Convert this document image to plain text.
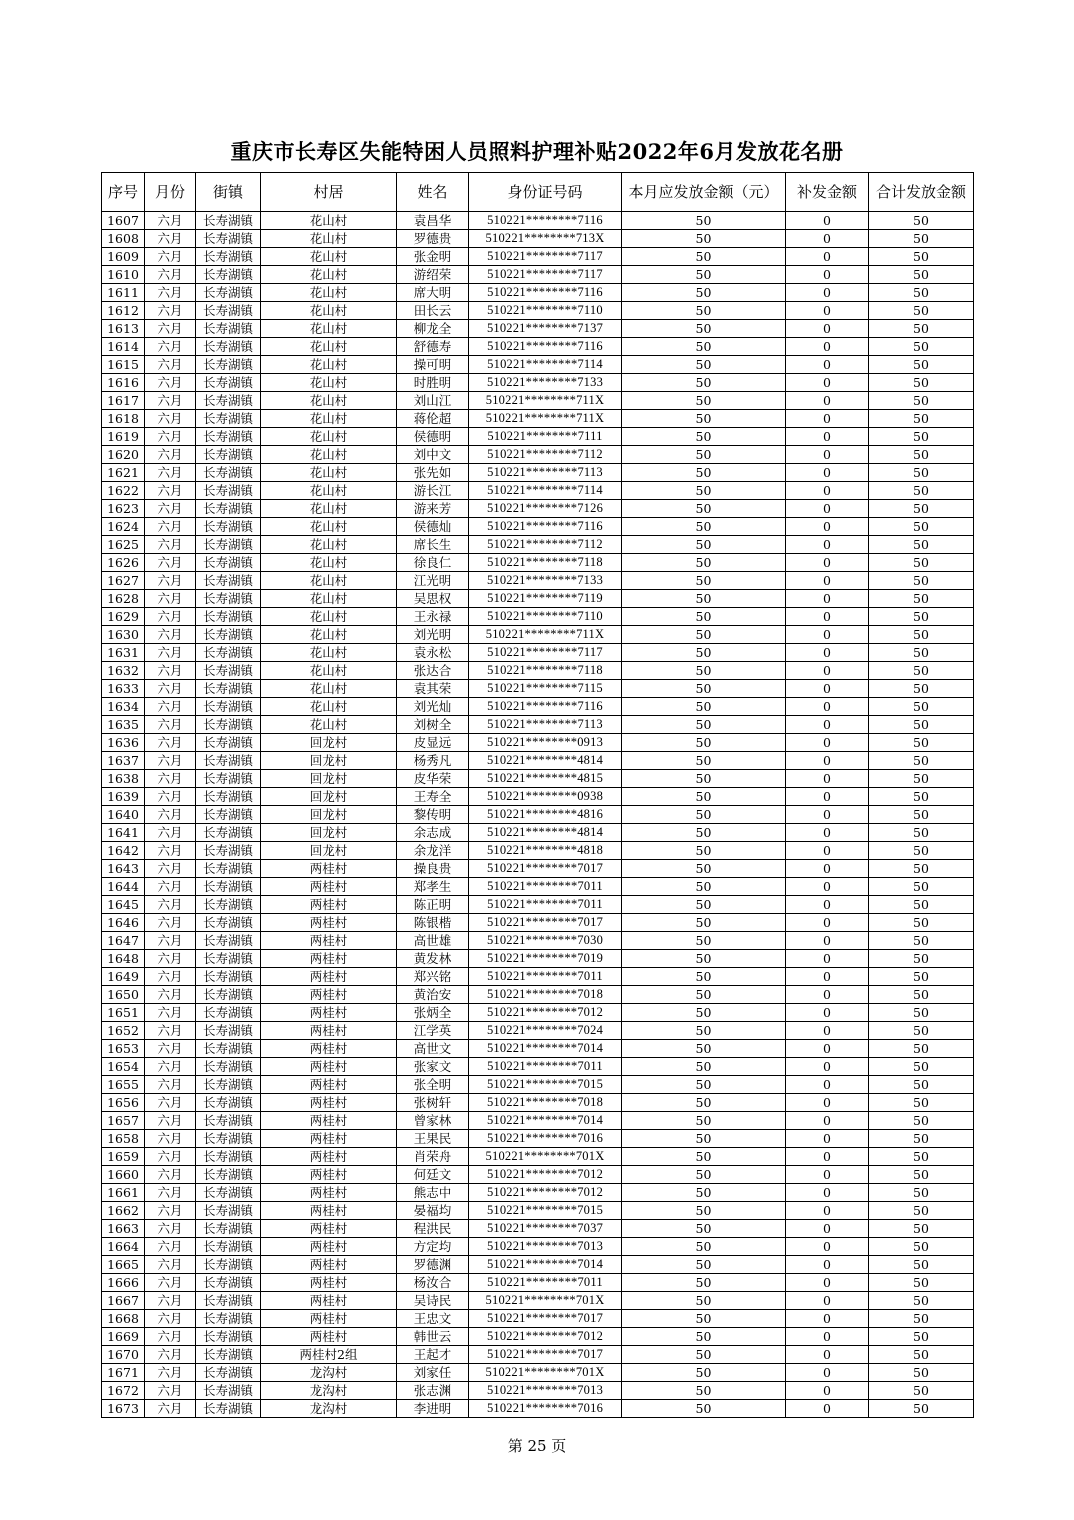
重庆市长寿区失能特困人员照料护理补贴2022年6月发放花名册
序号	月份	街镇	村居	姓名	身份证号码	本月应发放金额（元）	补发金额	合计发放金额
1607	六月	长寿湖镇	花山村	袁昌华	510221********7116	50	0	50
1608	六月	长寿湖镇	花山村	罗德贵	510221********713X	50	0	50
1609	六月	长寿湖镇	花山村	张金明	510221********7117	50	0	50
1610	六月	长寿湖镇	花山村	游绍荣	510221********7117	50	0	50
1611	六月	长寿湖镇	花山村	席大明	510221********7116	50	0	50
1612	六月	长寿湖镇	花山村	田长云	510221********7110	50	0	50
1613	六月	长寿湖镇	花山村	柳龙全	510221********7137	50	0	50
1614	六月	长寿湖镇	花山村	舒德寿	510221********7116	50	0	50
1615	六月	长寿湖镇	花山村	操可明	510221********7114	50	0	50
1616	六月	长寿湖镇	花山村	时胜明	510221********7133	50	0	50
1617	六月	长寿湖镇	花山村	刘山江	510221********711X	50	0	50
1618	六月	长寿湖镇	花山村	蒋伦超	510221********711X	50	0	50
1619	六月	长寿湖镇	花山村	侯德明	510221********7111	50	0	50
1620	六月	长寿湖镇	花山村	刘中文	510221********7112	50	0	50
1621	六月	长寿湖镇	花山村	张先如	510221********7113	50	0	50
1622	六月	长寿湖镇	花山村	游长江	510221********7114	50	0	50
1623	六月	长寿湖镇	花山村	游来芳	510221********7126	50	0	50
1624	六月	长寿湖镇	花山村	侯德灿	510221********7116	50	0	50
1625	六月	长寿湖镇	花山村	席长生	510221********7112	50	0	50
1626	六月	长寿湖镇	花山村	徐良仁	510221********7118	50	0	50
1627	六月	长寿湖镇	花山村	江光明	510221********7133	50	0	50
1628	六月	长寿湖镇	花山村	吴思权	510221********7119	50	0	50
1629	六月	长寿湖镇	花山村	王永禄	510221********7110	50	0	50
1630	六月	长寿湖镇	花山村	刘光明	510221********711X	50	0	50
1631	六月	长寿湖镇	花山村	袁永松	510221********7117	50	0	50
1632	六月	长寿湖镇	花山村	张达合	510221********7118	50	0	50
1633	六月	长寿湖镇	花山村	袁其荣	510221********7115	50	0	50
1634	六月	长寿湖镇	花山村	刘光灿	510221********7116	50	0	50
1635	六月	长寿湖镇	花山村	刘树全	510221********7113	50	0	50
1636	六月	长寿湖镇	回龙村	皮显远	510221********0913	50	0	50
1637	六月	长寿湖镇	回龙村	杨秀凡	510221********4814	50	0	50
1638	六月	长寿湖镇	回龙村	皮华荣	510221********4815	50	0	50
1639	六月	长寿湖镇	回龙村	王寿全	510221********0938	50	0	50
1640	六月	长寿湖镇	回龙村	黎传明	510221********4816	50	0	50
1641	六月	长寿湖镇	回龙村	余志成	510221********4814	50	0	50
1642	六月	长寿湖镇	回龙村	余龙洋	510221********4818	50	0	50
1643	六月	长寿湖镇	两桂村	操良贵	510221********7017	50	0	50
1644	六月	长寿湖镇	两桂村	郑孝生	510221********7011	50	0	50
1645	六月	长寿湖镇	两桂村	陈正明	510221********7011	50	0	50
1646	六月	长寿湖镇	两桂村	陈银楷	510221********7017	50	0	50
1647	六月	长寿湖镇	两桂村	高世雄	510221********7030	50	0	50
1648	六月	长寿湖镇	两桂村	黄发林	510221********7019	50	0	50
1649	六月	长寿湖镇	两桂村	郑兴铭	510221********7011	50	0	50
1650	六月	长寿湖镇	两桂村	黄治安	510221********7018	50	0	50
1651	六月	长寿湖镇	两桂村	张炳全	510221********7012	50	0	50
1652	六月	长寿湖镇	两桂村	江学英	510221********7024	50	0	50
1653	六月	长寿湖镇	两桂村	高世文	510221********7014	50	0	50
1654	六月	长寿湖镇	两桂村	张家文	510221********7011	50	0	50
1655	六月	长寿湖镇	两桂村	张全明	510221********7015	50	0	50
1656	六月	长寿湖镇	两桂村	张树轩	510221********7018	50	0	50
1657	六月	长寿湖镇	两桂村	曾家林	510221********7014	50	0	50
1658	六月	长寿湖镇	两桂村	王果民	510221********7016	50	0	50
1659	六月	长寿湖镇	两桂村	肖荣舟	510221********701X	50	0	50
1660	六月	长寿湖镇	两桂村	何廷文	510221********7012	50	0	50
1661	六月	长寿湖镇	两桂村	熊志中	510221********7012	50	0	50
1662	六月	长寿湖镇	两桂村	晏福均	510221********7015	50	0	50
1663	六月	长寿湖镇	两桂村	程洪民	510221********7037	50	0	50
1664	六月	长寿湖镇	两桂村	方定均	510221********7013	50	0	50
1665	六月	长寿湖镇	两桂村	罗德渊	510221********7014	50	0	50
1666	六月	长寿湖镇	两桂村	杨汝合	510221********7011	50	0	50
1667	六月	长寿湖镇	两桂村	吴诗民	510221********701X	50	0	50
1668	六月	长寿湖镇	两桂村	王忠文	510221********7017	50	0	50
1669	六月	长寿湖镇	两桂村	韩世云	510221********7012	50	0	50
1670	六月	长寿湖镇	两桂村2组	王起才	510221********7017	50	0	50
1671	六月	长寿湖镇	龙沟村	刘家任	510221********701X	50	0	50
1672	六月	长寿湖镇	龙沟村	张志渊	510221********7013	50	0	50
1673	六月	长寿湖镇	龙沟村	李进明	510221********7016	50	0	50
第 25 页
